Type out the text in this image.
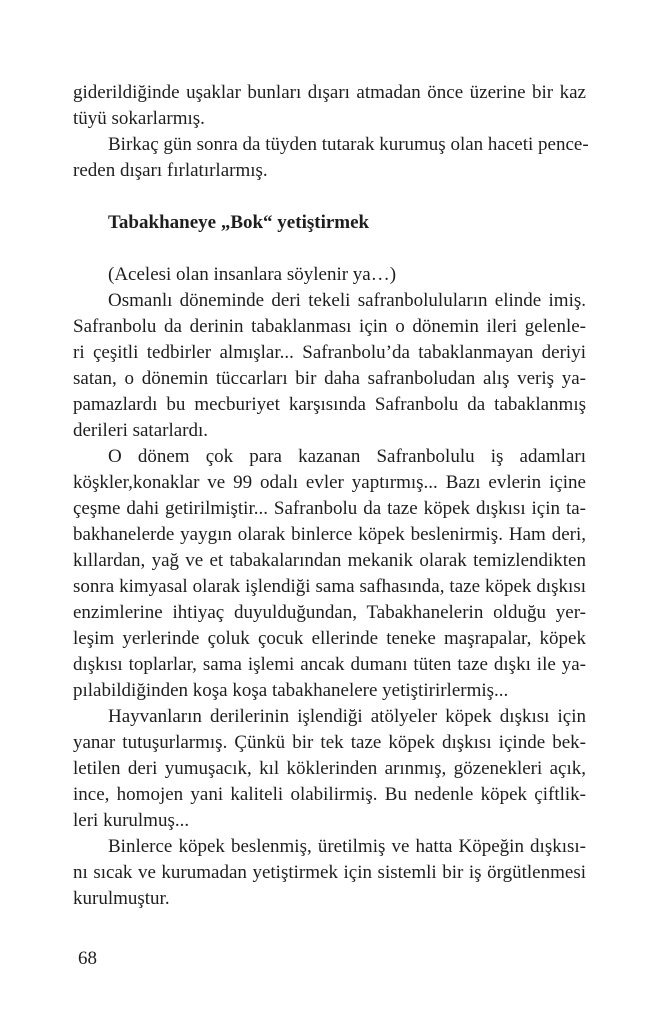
giderildiğinde uşaklar bunları dışarı atmadan önce üzerine bir kaz
tüyü sokarlarmış.
Birkaç gün sonra da tüyden tutarak kurumuş olan haceti pence-
reden dışarı fırlatırlarmış.
Tabakhaneye „Bok“ yetiştirmek
(Acelesi olan insanlara söylenir ya…)
Osmanlı döneminde deri tekeli safranboluluların elinde imiş.
Safranbolu da derinin tabaklanması için o dönemin ileri gelenle-
ri çeşitli tedbirler almışlar... Safranbolu’da tabaklanmayan deriyi
satan, o dönemin tüccarları bir daha safranboludan alış veriş ya-
pamazlardı bu mecburiyet karşısında Safranbolu da tabaklanmış
derileri satarlardı.
O dönem çok para kazanan Safranbolulu iş adamları
köşkler,konaklar ve 99 odalı evler yaptırmış... Bazı evlerin içine
çeşme dahi getirilmiştir... Safranbolu da taze köpek dışkısı için ta-
bakhanelerde yaygın olarak binlerce köpek beslenirmiş. Ham deri,
kıllardan, yağ ve et tabakalarından mekanik olarak temizlendikten
sonra kimyasal olarak işlendiği sama safhasında, taze köpek dışkısı
enzimlerine ihtiyaç duyulduğundan, Tabakhanelerin olduğu yer-
leşim yerlerinde çoluk çocuk ellerinde teneke maşrapalar, köpek
dışkısı toplarlar, sama işlemi ancak dumanı tüten taze dışkı ile ya-
pılabildiğinden koşa koşa tabakhanelere yetiştirirlermiş...
Hayvanların derilerinin işlendiği atölyeler köpek dışkısı için
yanar tutuşurlarmış. Çünkü bir tek taze köpek dışkısı içinde bek-
letilen deri yumuşacık, kıl köklerinden arınmış, gözenekleri açık,
ince, homojen yani kaliteli olabilirmiş. Bu nedenle köpek çiftlik-
leri kurulmuş...
Binlerce köpek beslenmiş, üretilmiş ve hatta Köpeğin dışkısı-
nı sıcak ve kurumadan yetiştirmek için sistemli bir iş örgütlenmesi
kurulmuştur.
68
